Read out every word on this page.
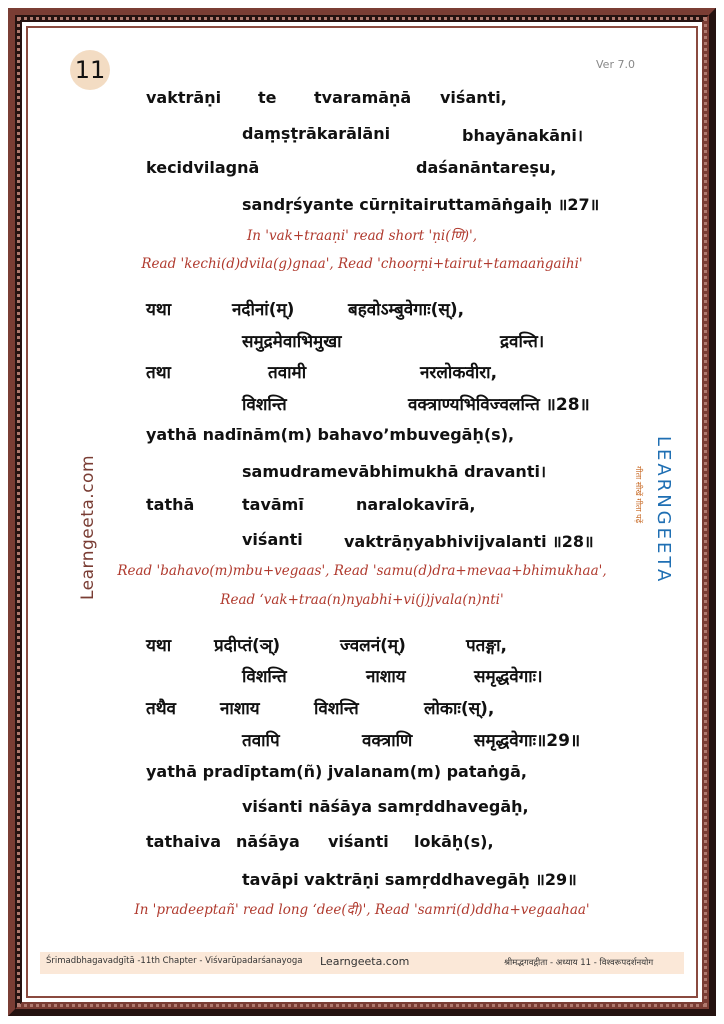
11	Ver 7.0
Learngeeta.com	LEARNGEETA
गीता सीखें गीता पढ़ें
vaktrāṇi te tvaramāṇā viśanti,
daṃṣṭrākarālāni	bhayānakāni।
kecidvilagnā	daśanāntareṣu,
sandṛśyante cūrṇitairuttamāṅgaiḥ ॥27॥
In 'vak+traaṇi' read short 'ṇi(णि)',
Read 'kechi(d)dvila(g)gnaa', Read 'chooṛṇi+tairut+tamaaṅgaihi'
यथा	नदीनां(म्)	बहवोऽम्बुवेगाः(स्),
समुद्रमेवाभिमुखा	द्रवन्ति।
तथा	तवामी	नरलोकवीरा,
विशन्ति	वक्त्राण्यभिविज्वलन्ति ॥28॥
yathā nadīnām(m) bahavo’mbuvegāḥ(s),
samudramevābhimukhā dravanti।
tathā	tavāmī	naralokavīrā,
viśanti	vaktrāṇyabhivijvalanti ॥28॥
Read 'bahavo(m)mbu+vegaas', Read 'samu(d)dra+mevaa+bhimukhaa',
Read ‘vak+traa(n)nyabhi+vi(j)jvala(n)nti'
यथा	प्रदीप्तं(ञ्)	ज्वलनं(म्)	पतङ्गा,
विशन्ति	नाशाय	समृद्धवेगाः।
तथैव	नाशाय	विशन्ति	लोकाः(स्),
तवापि	वक्त्राणि	समृद्धवेगाः॥29॥
yathā pradīptam(ñ) jvalanam(m) pataṅgā,
viśanti nāśāya samṛddhavegāḥ,
tathaiva nāśāya viśanti lokāḥ(s),
tavāpi vaktrāṇi samṛddhavegāḥ ॥29॥
In 'pradeeptañ' read long ‘dee(दी)', Read 'samri(d)ddha+vegaahaa'
Śrimadbhagavadgītā -11th Chapter - Viśvarūpadarśanayoga Learngeeta.com	श्रीमद्भगवद्गीता - अध्याय 11 - विश्वरूपदर्शनयोग
